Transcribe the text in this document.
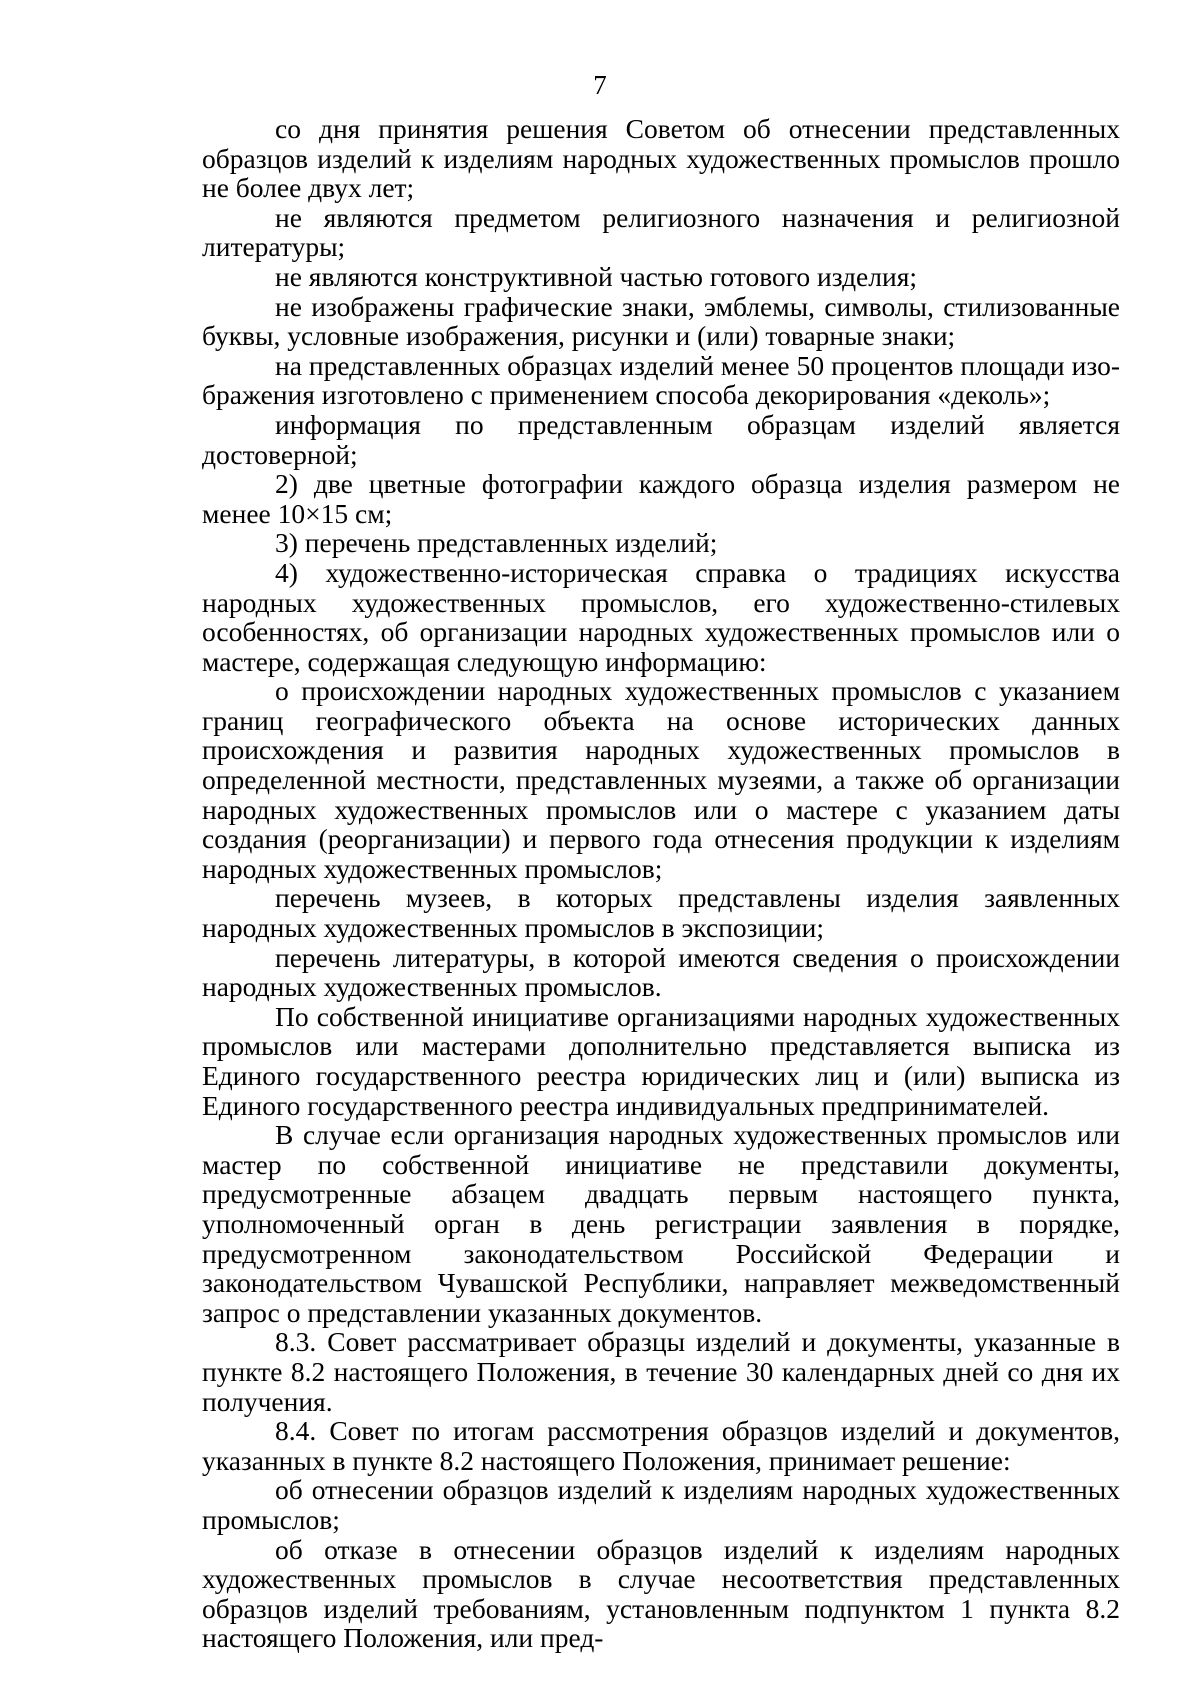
7

со дня принятия решения Советом об отнесении представленных образцов изделий к изделиям народных художественных промыслов прошло не более двух лет;

не являются предметом религиозного назначения и религиозной литературы;

не являются конструктивной частью готового изделия;

не изображены графические знаки, эмблемы, символы, стилизованные буквы, условные изображения, рисунки и (или) товарные знаки;

на представленных образцах изделий менее 50 процентов площади изображения изготовлено с применением способа декорирования «деколь»;

информация по представленным образцам изделий является достоверной;

2) две цветные фотографии каждого образца изделия размером не менее 10×15 см;

3) перечень представленных изделий;

4) художественно-историческая справка о традициях искусства народных художественных промыслов, его художественно-стилевых особенностях, об организации народных художественных промыслов или о мастере, содержащая следующую информацию:

о происхождении народных художественных промыслов с указанием границ географического объекта на основе исторических данных происхождения и развития народных художественных промыслов в определенной местности, представленных музеями, а также об организации народных художественных промыслов или о мастере с указанием даты создания (реорганизации) и первого года отнесения продукции к изделиям народных художественных промыслов;

перечень музеев, в которых представлены изделия заявленных народных художественных промыслов в экспозиции;

перечень литературы, в которой имеются сведения о происхождении народных художественных промыслов.

По собственной инициативе организациями народных художественных промыслов или мастерами дополнительно представляется выписка из Единого государственного реестра юридических лиц и (или) выписка из Единого государственного реестра индивидуальных предпринимателей.

В случае если организация народных художественных промыслов или мастер по собственной инициативе не представили документы, предусмотренные абзацем двадцать первым настоящего пункта, уполномоченный орган в день регистрации заявления в порядке, предусмотренном законодательством Российской Федерации и законодательством Чувашской Республики, направляет межведомственный запрос о представлении указанных документов.

8.3. Совет рассматривает образцы изделий и документы, указанные в пункте 8.2 настоящего Положения, в течение 30 календарных дней со дня их получения.

8.4. Совет по итогам рассмотрения образцов изделий и документов, указанных в пункте 8.2 настоящего Положения, принимает решение:

об отнесении образцов изделий к изделиям народных художественных промыслов;

об отказе в отнесении образцов изделий к изделиям народных художественных промыслов в случае несоответствия представленных образцов изделий требованиям, установленным подпунктом 1 пункта 8.2 настоящего Положения, или пред-
